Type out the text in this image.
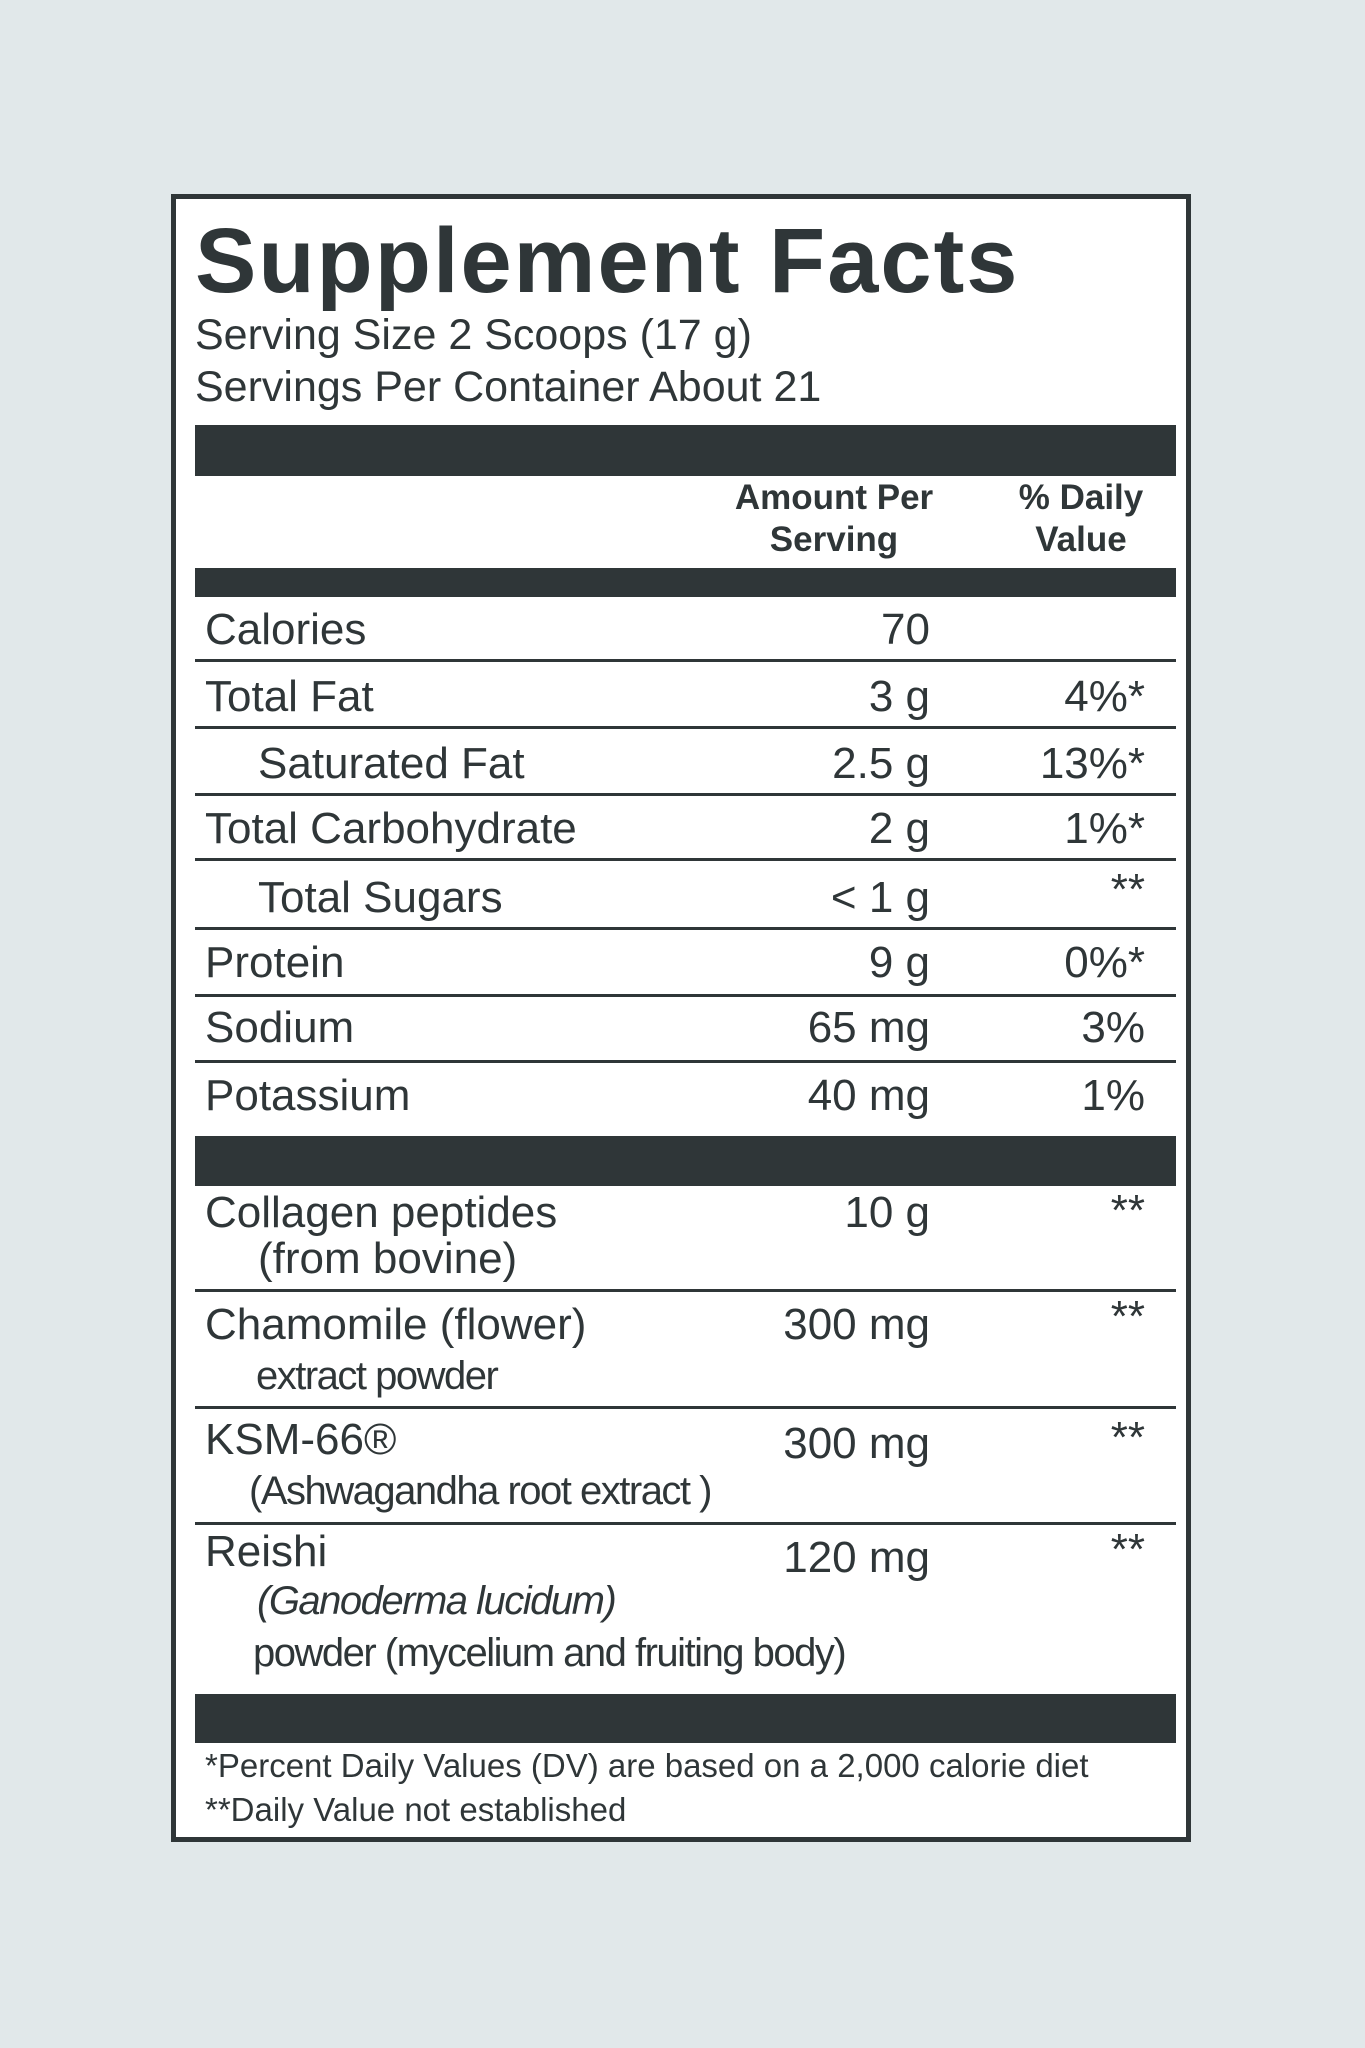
Supplement Facts
Serving Size 2 Scoops (17 g)
Servings Per Container About 21
Amount Per
Serving
% Daily
Value
Calories	70
Total Fat	3 g	4%*
Saturated Fat	2.5 g 13%*
Total Carbohydrate	2 g	1%*
Total Sugars	< 1 g	**
Protein	9 g	0%*
Sodium	65 mg	3%
Potassium	40 mg	1%
Collagen peptides
(from bovine)
10 g	**
Chamomile (flower)
extract powder
300 mg	**
KSM-66®
(Ashwagandha root extract )
300 mg	**
Reishi
(Ganoderma lucidum)
powder (mycelium and fruiting body)
120 mg	**
*Percent Daily Values (DV) are based on a 2,000 calorie diet
**Daily Value not established
